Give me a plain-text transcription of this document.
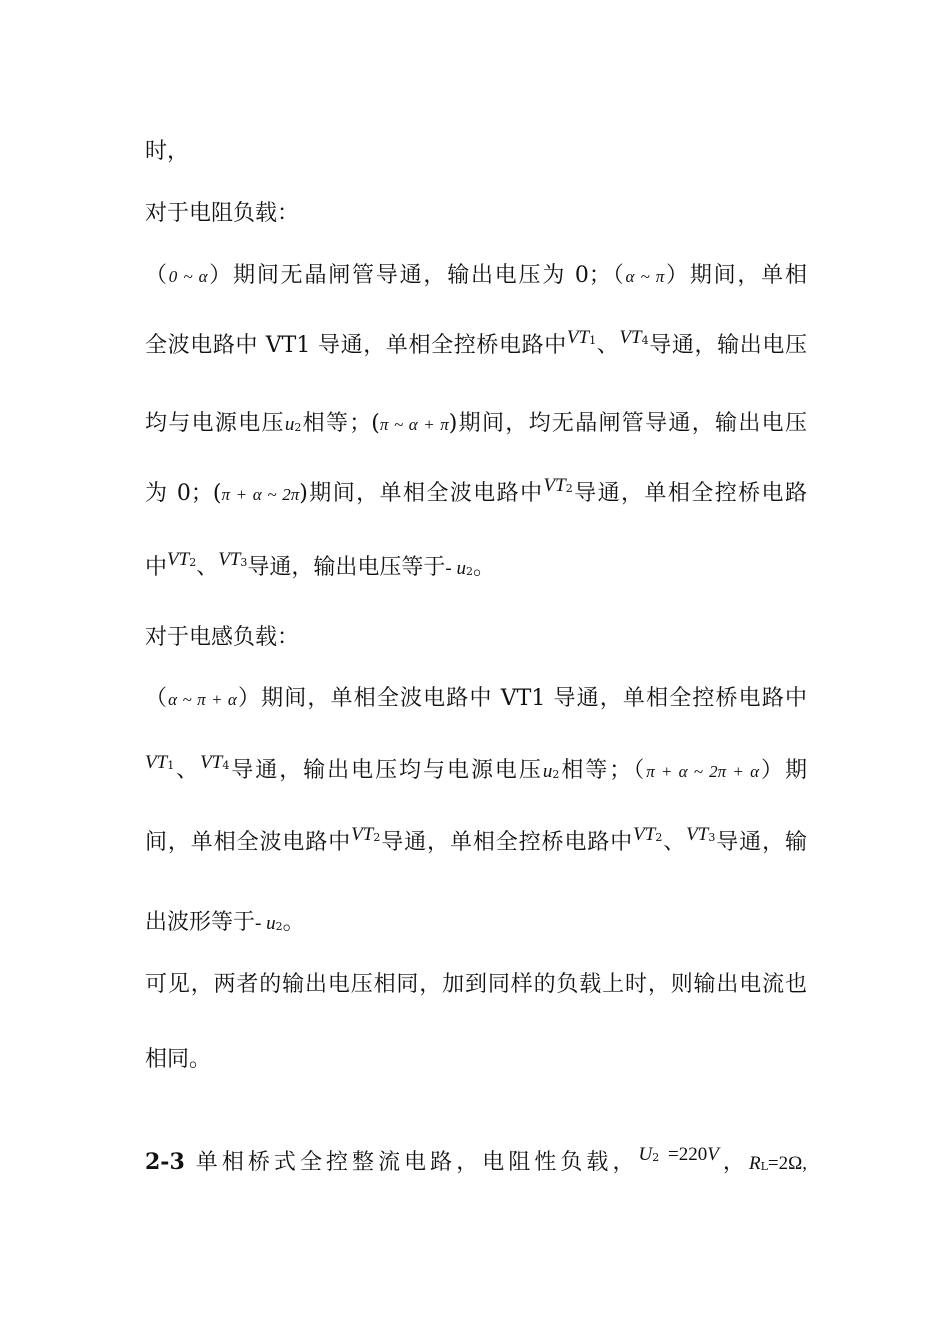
时，
对于电阻负载：
（0 ~ α）期间无晶闸管导通，输出电压为 0；（α ~ π）期间，单相
全波电路中 VT1 导通，单相全控桥电路中VT1、VT4导通，输出电压
均与电源电压u2相等；(π ~ α + π)期间，均无晶闸管导通，输出电压
为 0；(π + α ~ 2π)期间，单相全波电路中VT2导通，单相全控桥电路
中VT2、VT3导通，输出电压等于- u2。
对于电感负载：
（α ~ π + α）期间，单相全波电路中 VT1 导通，单相全控桥电路中
VT1、VT4导通，输出电压均与电源电压u2相等；（π + α ~ 2π + α）期
间，单相全波电路中VT2导通，单相全控桥电路中VT2、VT3导通，输
出波形等于- u2。
可见，两者的输出电压相同，加到同样的负载上时，则输出电流也
相同。
2-3 单相桥式全控整流电路，电阻性负载，U2 =220V，RL=2Ω,
